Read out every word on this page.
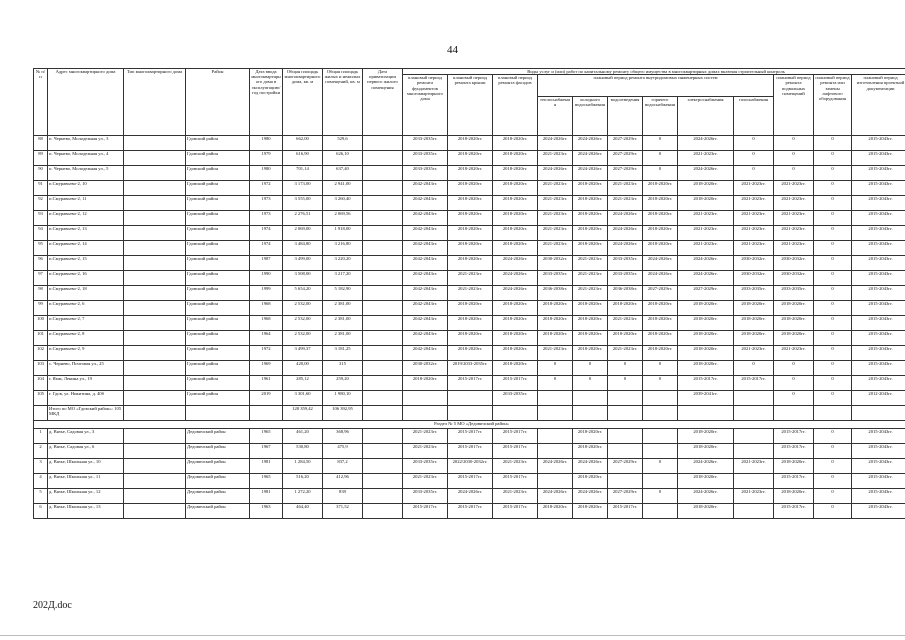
44
№ п/п	Адрес многоквартирного дома	Тип многоквартирного дома	Район	Дата ввода многоквартирного дома в эксплуатацию/год постройки	Общая площадь многоквартирного дома, кв. м	Общая площадь жилых и нежилых помещений, кв. м	Дата приватизации первого жилого помещения	Виды услуг и (или) работ по капитальному ремонту общего имущества в многоквартирных домах включая строительный контроль											
								плановый период ремонта фундаментов многоквартирного дома	плановый период ремонта крыши	плановый период ремонта фасадов	плановый период ремонта внутридомовых инженерных систем						плановый период ремонта подвальных помещений	плановый период ремонта или замены лифтового оборудования	плановый период изготовления проектной документации
											теплоснабжения	холодного водоснабжения	водоотведения	горячего водоснабжения	электроснабжения	газоснабжения			
88	п. Чернево, Молодежная ул., 3		Гдовский район	1980	662,00	529,6		2033-2035гг.	2018-2020гг.	2018-2020гг.	2024-2026гг.	2024-2026гг.	2027-2029гг.	0	2024-2026гг.	0	0	0	2015-2043гг.
89	п. Чернево, Молодежная ул., 4		Гдовский район	1979	616,90	626,10		2033-2035гг.	2018-2020гг.	2018-2020гг.	2021-2023гг.	2024-2026гг.	2027-2029гг.	0	2021-2023гг.	0	0	0	2015-2043гг.
90	п. Чернево, Молодежная ул., 5		Гдовский район	1980	701,14	637,40		2033-2035гг.	2018-2020гг.	2018-2020гг.	2024-2026гг.	2024-2026гг.	2027-2029гг.	0	2024-2026гг.	0	0	0	2015-2043гг.
91	п.Смуравьево-2, 10		Гдовский район	1972	3 173,00	2 941,00		2042-2043гг.	2018-2020гг.	2018-2020гг.	2021-2023гг.	2018-2020гг.	2021-2023гг.	2018-2020гг.	2018-2020гг.	2021-2023гг.	2021-2023гг.	0	2015-2043гг.
92	п.Смуравьево-2, 11		Гдовский район	1973	3 555,00	3 260,40		2042-2043гг.	2018-2020гг.	2018-2020гг.	2021-2023гг.	2018-2020гг.	2021-2023гг.	2018-2020гг.	2018-2020гг.	2021-2023гг.	2021-2023гг.	0	2015-2043гг.
93	п.Смуравьево-2, 12		Гдовский район	1973	2 276,51	2 069,56		2042-2043гг.	2018-2020гг.	2018-2020гг.	2021-2023гг.	2018-2020гг.	2024-2026гг.	2018-2020гг.	2021-2023гг.	2021-2023гг.	2021-2023гг.	0	2015-2043гг.
94	п.Смуравьево-2, 13		Гдовский район	1974	2 069,00	1 918,00		2042-2043гг.	2018-2020гг.	2018-2020гг.	2021-2023гг.	2018-2020гг.	2024-2026гг.	2018-2020гг.	2021-2023гг.	2021-2023гг.	2021-2023гг.	0	2015-2043гг.
95	п.Смуравьево-2, 14		Гдовский район	1974	3 484,80	3 216,80		2042-2043гг.	2018-2020гг.	2018-2020гг.	2021-2023гг.	2018-2020гг.	2024-2026гг.	2018-2020гг.	2021-2023гг.	2021-2023гг.	2021-2023гг.	0	2015-2043гг.
96	п.Смуравьево-2, 15		Гдовский район	1987	3 499,00	3 220,20		2042-2043гг.	2018-2020гг.	2024-2026гг.	2030-2032гг.	2021-2023гг.	2033-2035гг.	2024-2026гг.	2024-2026гг.	2030-2032гг.	2030-2032гг.	0	2015-2043гг.
97	п.Смуравьево-2, 16		Гдовский район	1990	3 508,00	3 217,20		2042-2043гг.	2021-2023гг.	2024-2026гг.	2033-2035гг.	2021-2023гг.	2033-2035гг.	2024-2026гг.	2024-2026гг.	2030-2032гг.	2030-2032гг.	0	2015-2043гг.
98	п.Смуравьево-2, 18		Гдовский район	1999	5 654,20	5 182,90		2042-2043гг.	2021-2023гг.	2024-2026гг.	2036-2038гг.	2021-2023гг.	2036-2038гг.	2027-2029гг.	2027-2029гг.	2033-2035гг.	2033-2035гг.	0	2015-2043гг.
99	п.Смуравьево-2, 6		Гдовский район	1968	2 532,00	2 381,00		2042-2043гг.	2018-2020гг.	2018-2020гг.	2018-2020гг.	2018-2020гг.	2018-2020гг.	2018-2020гг.	2018-2020гг.	2018-2020гг.	2018-2020гг.	0	2015-2043гг.
100	п.Смуравьево-2, 7		Гдовский район	1968	2 532,00	2 381,00		2042-2043гг.	2018-2020гг.	2018-2020гг.	2018-2020гг.	2018-2020гг.	2021-2023гг.	2018-2020гг.	2018-2020гг.	2018-2020гг.	2018-2020гг.	0	2015-2043гг.
101	п.Смуравьево-2, 8		Гдовский район	1964	2 532,00	2 381,00		2042-2043гг.	2018-2020гг.	2018-2020гг.	2018-2020гг.	2018-2020гг.	2018-2020гг.	2018-2020гг.	2018-2020гг.	2018-2020гг.	2018-2020гг.	0	2015-2043гг.
102	п.Смуравьево-2, 9		Гдовский район	1972	3 499,37	3 181,25		2042-2043гг.	2018-2020гг.	2018-2020гг.	2021-2023гг.	2018-2020гг.	2021-2023гг.	2018-2020гг.	2018-2020гг.	2021-2023гг.	2021-2023гг.	0	2015-2043гг.
103	с. Чернево, Почтовая ул., 25		Гдовский район	1969	420,00	315		2030-2032гг.	2019/2033-2035гг.	2018-2020гг.	0	0	0	0	2018-2020гг.	0	0	0	2015-2043гг.
104	г. Ямм, Ленина ул., 19		Гдовский район	1961	285,12	259,20		2018-2020гг.	2015-2017гг.	2015-2017гг.	0	0	0	0	2015-2017гг.	2015-2017гг.	0	0	2015-2043гг.
105	г. Гдов, ул. Никитина, д. 40б		Гдовский район	2019	3 301,60	1 980,10				2033-2035гг.					2039-2041гг.		0	0	2012-2043гг.
	Итого по МО «Гдовский район»: 105 МКД				128 359,42	106 392,95													
Раздел № 5 МО «Дедовичский район»																			
1	д. Вязье, Садовая ул., 3		Дедовичский район	1965	461,20	368,96		2021-2023гг.	2015-2017гг.	2015-2017гг.		2018-2020гг.			2018-2020гг.		2015-2017гг.	0	2015-2043гг.
2	д. Вязье, Садовая ул., 6		Дедовичский район	1967	530,80	475,9		2021-2023гг.	2015-2017гг.	2015-2017гг.		2018-2020гг.			2018-2020гг.		2015-2017гг.	0	2015-2043гг.
3	д. Вязье, Школьная ул., 10		Дедовичский район	1981	1 284,50	837,2		2033-2035гг.	2022/2030-2032гг.	2021-2023гг.	2024-2026гг.	2024-2026гг.	2027-2029гг.	0	2024-2026гг.	2021-2023гг.	2018-2020гг.	0	2015-2043гг.
4	д. Вязье, Школьная ул., 11		Дедовичский район	1965	516,20	412,96		2021-2023гг.	2015-2017гг.	2015-2017гг.		2018-2020гг.			2018-2020гг.		2015-2017гг.	0	2015-2043гг.
5	д. Вязье, Школьная ул., 12		Дедовичский район	1981	1 272,20	839		2033-2035гг.	2024-2026гг.	2021-2023гг.	2024-2026гг.	2024-2026гг.	2027-2029гг.	0	2024-2026гг.	2021-2023гг.	2018-2020гг.	0	2015-2043гг.
6	д. Вязье, Школьная ул., 13		Дедовичский район	1963	464,40	371,52		2015-2017гг.	2015-2017гг.	2015-2017гг.	2018-2020гг.	2018-2020гг.	2015-2017гг.		2018-2020гг.		2015-2017гг.	0	2015-2043гг.
202Д.doc
